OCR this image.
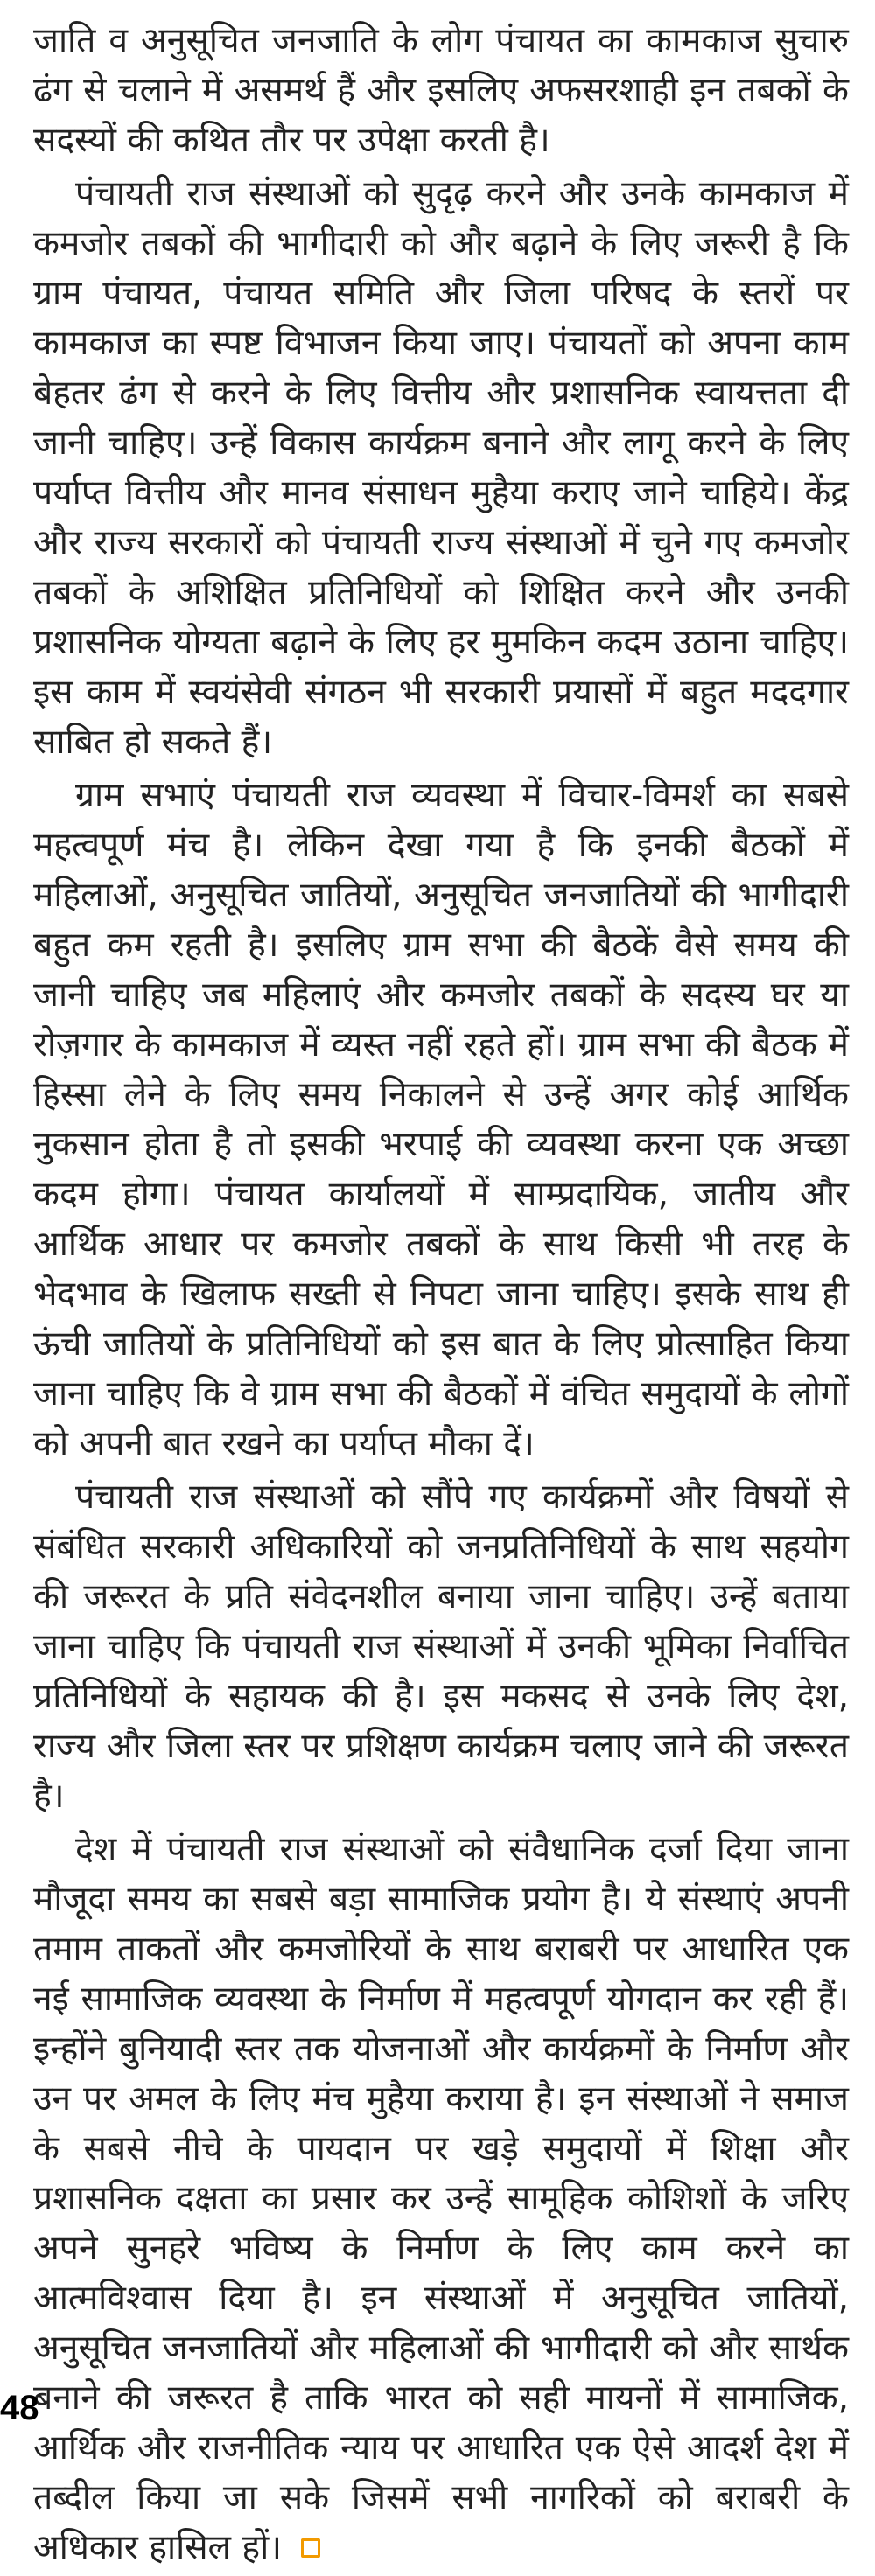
जाति व अनुसूचित जनजाति के लोग पंचायत का कामकाज सुचारु ढंग से चलाने में असमर्थ हैं और इसलिए अफसरशाही इन तबकों के सदस्यों की कथित तौर पर उपेक्षा करती है।

पंचायती राज संस्थाओं को सुदृढ़ करने और उनके कामकाज में कमजोर तबकों की भागीदारी को और बढ़ाने के लिए जरूरी है कि ग्राम पंचायत, पंचायत समिति और जिला परिषद के स्तरों पर कामकाज का स्पष्ट विभाजन किया जाए। पंचायतों को अपना काम बेहतर ढंग से करने के लिए वित्तीय और प्रशासनिक स्वायत्तता दी जानी चाहिए। उन्हें विकास कार्यक्रम बनाने और लागू करने के लिए पर्याप्त वित्तीय और मानव संसाधन मुहैया कराए जाने चाहिये। केंद्र और राज्य सरकारों को पंचायती राज्य संस्थाओं में चुने गए कमजोर तबकों के अशिक्षित प्रतिनिधियों को शिक्षित करने और उनकी प्रशासनिक योग्यता बढ़ाने के लिए हर मुमकिन कदम उठाना चाहिए। इस काम में स्वयंसेवी संगठन भी सरकारी प्रयासों में बहुत मददगार साबित हो सकते हैं।

ग्राम सभाएं पंचायती राज व्यवस्था में विचार-विमर्श का सबसे महत्वपूर्ण मंच है। लेकिन देखा गया है कि इनकी बैठकों में महिलाओं, अनुसूचित जातियों, अनुसूचित जनजातियों की भागीदारी बहुत कम रहती है। इसलिए ग्राम सभा की बैठकें वैसे समय की जानी चाहिए जब महिलाएं और कमजोर तबकों के सदस्य घर या रोज़गार के कामकाज में व्यस्त नहीं रहते हों। ग्राम सभा की बैठक में हिस्सा लेने के लिए समय निकालने से उन्हें अगर कोई आर्थिक नुकसान होता है तो इसकी भरपाई की व्यवस्था करना एक अच्छा कदम होगा। पंचायत कार्यालयों में साम्प्रदायिक, जातीय और आर्थिक आधार पर कमजोर तबकों के साथ किसी भी तरह के भेदभाव के खिलाफ सख्ती से निपटा जाना चाहिए। इसके साथ ही ऊंची जातियों के प्रतिनिधियों को इस बात के लिए प्रोत्साहित किया जाना चाहिए कि वे ग्राम सभा की बैठकों में वंचित समुदायों के लोगों को अपनी बात रखने का पर्याप्त मौका दें।

पंचायती राज संस्थाओं को सौंपे गए कार्यक्रमों और विषयों से संबंधित सरकारी अधिकारियों को जनप्रतिनिधियों के साथ सहयोग की जरूरत के प्रति संवेदनशील बनाया जाना चाहिए। उन्हें बताया जाना चाहिए कि पंचायती राज संस्थाओं में उनकी भूमिका निर्वाचित प्रतिनिधियों के सहायक की है। इस मकसद से उनके लिए देश, राज्य और जिला स्तर पर प्रशिक्षण कार्यक्रम चलाए जाने की जरूरत है।

देश में पंचायती राज संस्थाओं को संवैधानिक दर्जा दिया जाना मौजूदा समय का सबसे बड़ा सामाजिक प्रयोग है। ये संस्थाएं अपनी तमाम ताकतों और कमजोरियों के साथ बराबरी पर आधारित एक नई सामाजिक व्यवस्था के निर्माण में महत्वपूर्ण योगदान कर रही हैं। इन्होंने बुनियादी स्तर तक योजनाओं और कार्यक्रमों के निर्माण और उन पर अमल के लिए मंच मुहैया कराया है। इन संस्थाओं ने समाज के सबसे नीचे के पायदान पर खड़े समुदायों में शिक्षा और प्रशासनिक दक्षता का प्रसार कर उन्हें सामूहिक कोशिशों के जरिए अपने सुनहरे भविष्य के निर्माण के लिए काम करने का आत्मविश्वास दिया है। इन संस्थाओं में अनुसूचित जातियों, अनुसूचित जनजातियों और महिलाओं की भागीदारी को और सार्थक बनाने की जरूरत है ताकि भारत को सही मायनों में सामाजिक, आर्थिक और राजनीतिक न्याय पर आधारित एक ऐसे आदर्श देश में तब्दील किया जा सके जिसमें सभी नागरिकों को बराबरी के अधिकार हासिल हों।

48
